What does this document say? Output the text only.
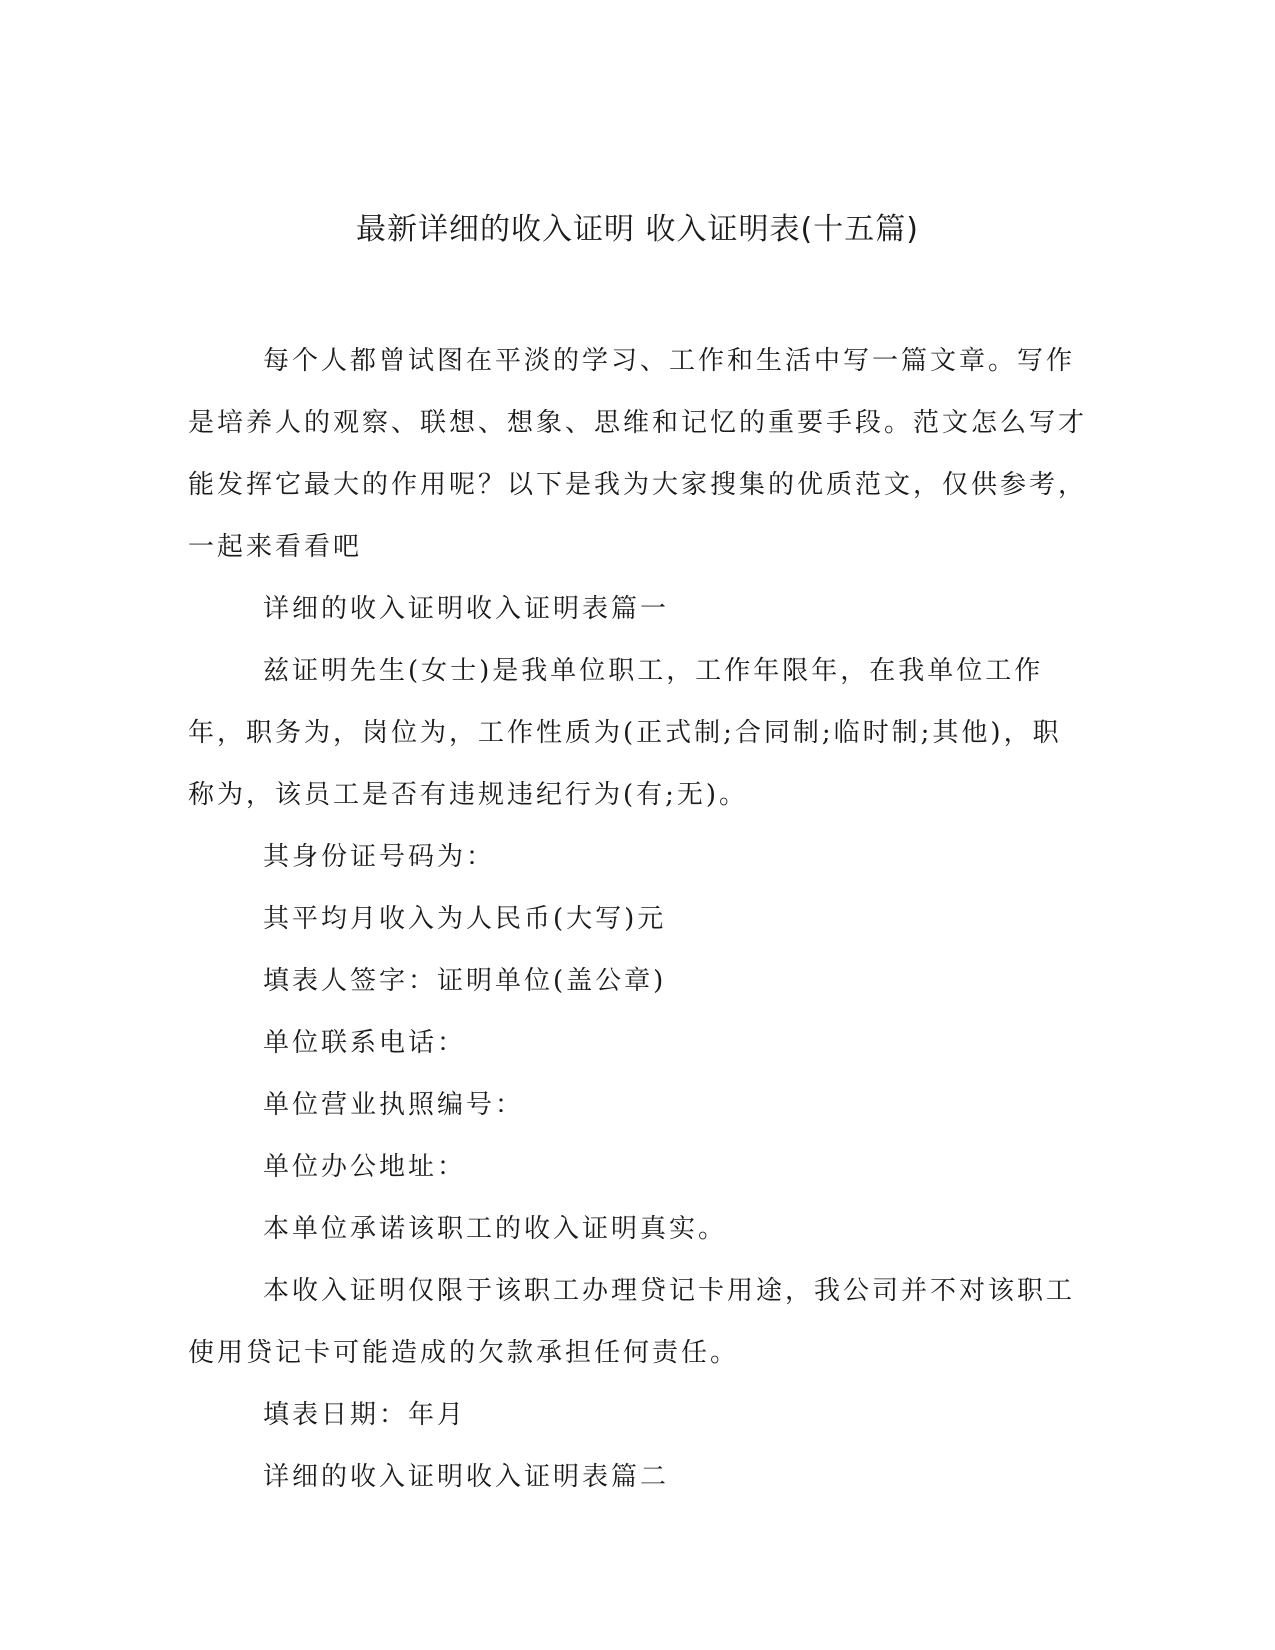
最新详细的收入证明 收入证明表(十五篇)

每个人都曾试图在平淡的学习、工作和生活中写一篇文章。写作是培养人的观察、联想、想象、思维和记忆的重要手段。范文怎么写才能发挥它最大的作用呢？以下是我为大家搜集的优质范文，仅供参考，一起来看看吧

详细的收入证明收入证明表篇一

兹证明先生(女士)是我单位职工，工作年限年，在我单位工作年，职务为，岗位为，工作性质为(正式制;合同制;临时制;其他)，职称为，该员工是否有违规违纪行为(有;无)。

其身份证号码为：

其平均月收入为人民币(大写)元

填表人签字：证明单位(盖公章)

单位联系电话：

单位营业执照编号：

单位办公地址：

本单位承诺该职工的收入证明真实。

本收入证明仅限于该职工办理贷记卡用途，我公司并不对该职工使用贷记卡可能造成的欠款承担任何责任。

填表日期：年月

详细的收入证明收入证明表篇二
